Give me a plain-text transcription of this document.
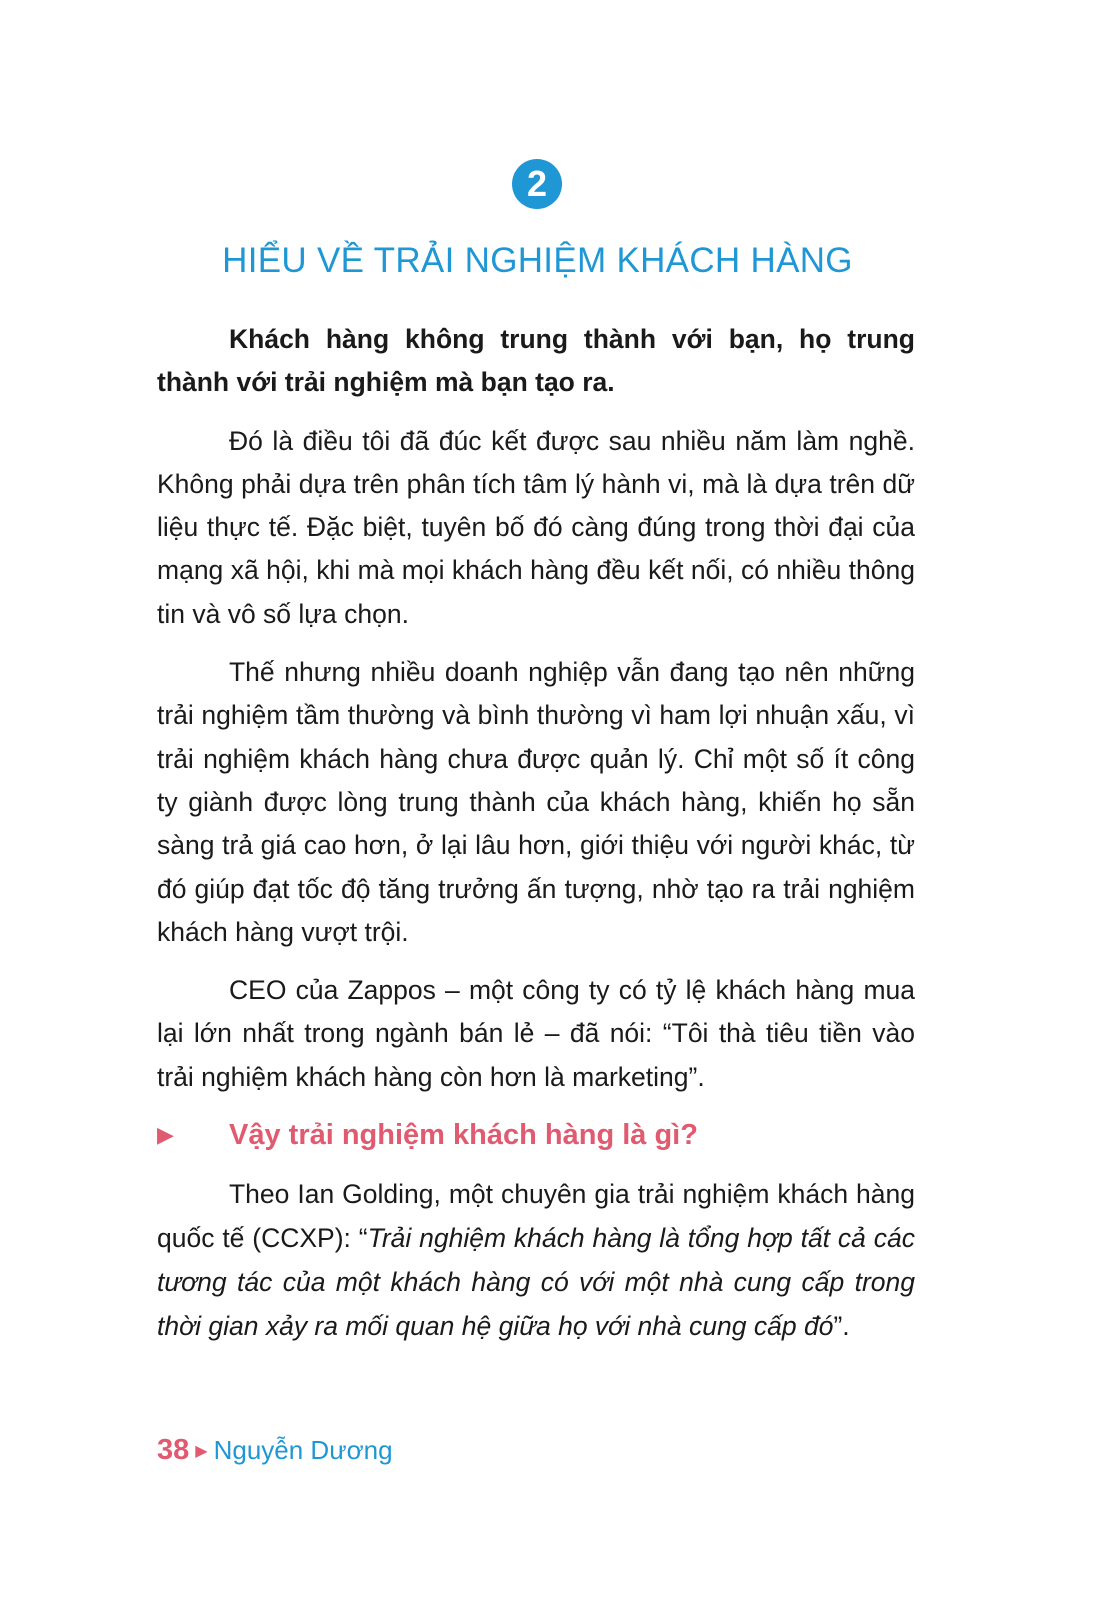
2
HIỂU VỀ TRẢI NGHIỆM KHÁCH HÀNG

Khách hàng không trung thành với bạn, họ trung thành với trải nghiệm mà bạn tạo ra.

Đó là điều tôi đã đúc kết được sau nhiều năm làm nghề. Không phải dựa trên phân tích tâm lý hành vi, mà là dựa trên dữ liệu thực tế. Đặc biệt, tuyên bố đó càng đúng trong thời đại của mạng xã hội, khi mà mọi khách hàng đều kết nối, có nhiều thông tin và vô số lựa chọn.

Thế nhưng nhiều doanh nghiệp vẫn đang tạo nên những trải nghiệm tầm thường và bình thường vì ham lợi nhuận xấu, vì trải nghiệm khách hàng chưa được quản lý. Chỉ một số ít công ty giành được lòng trung thành của khách hàng, khiến họ sẵn sàng trả giá cao hơn, ở lại lâu hơn, giới thiệu với người khác, từ đó giúp đạt tốc độ tăng trưởng ấn tượng, nhờ tạo ra trải nghiệm khách hàng vượt trội.

CEO của Zappos – một công ty có tỷ lệ khách hàng mua lại lớn nhất trong ngành bán lẻ – đã nói: “Tôi thà tiêu tiền vào trải nghiệm khách hàng còn hơn là marketing”.

▶ Vậy trải nghiệm khách hàng là gì?

Theo Ian Golding, một chuyên gia trải nghiệm khách hàng quốc tế (CCXP): “Trải nghiệm khách hàng là tổng hợp tất cả các tương tác của một khách hàng có với một nhà cung cấp trong thời gian xảy ra mối quan hệ giữa họ với nhà cung cấp đó”.

38 ▶ Nguyễn Dương
